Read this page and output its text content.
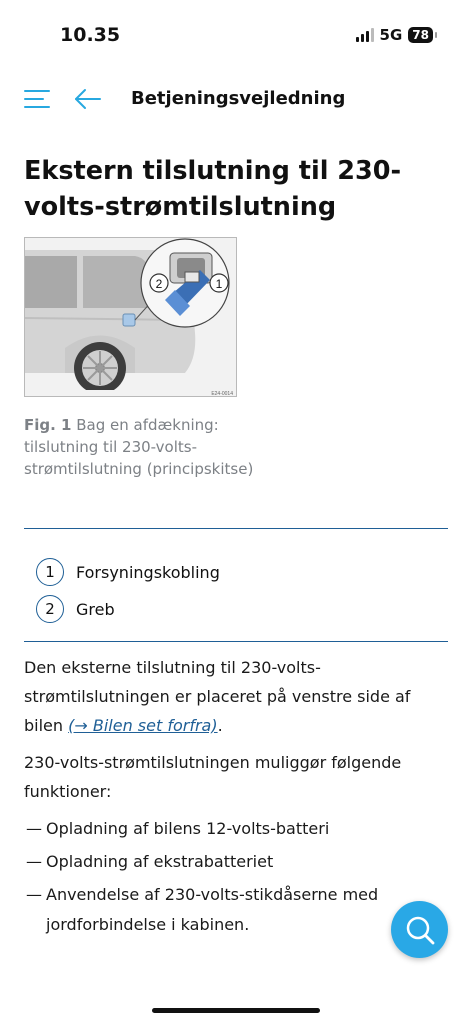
10.35	5G 78
Betjeningsvejledning
Ekstern tilslutning til 230-volts-strømtilslutning
2	1
E24-0014
Fig. 1 Bag en afdækning: tilslutning til 230-volts-strømtilslutning (principskitse)
1	Forsyningskobling
2	Greb

Den eksterne tilslutning til 230-volts-strømtilslutningen er placeret på venstre side af bilen (→ Bilen set forfra).

230-volts-strømtilslutningen muliggør følgende funktioner:

— Opladning af bilens 12-volts-batteri
— Opladning af ekstrabatteriet
— Anvendelse af 230-volts-stikdåserne med jordforbindelse i kabinen.
